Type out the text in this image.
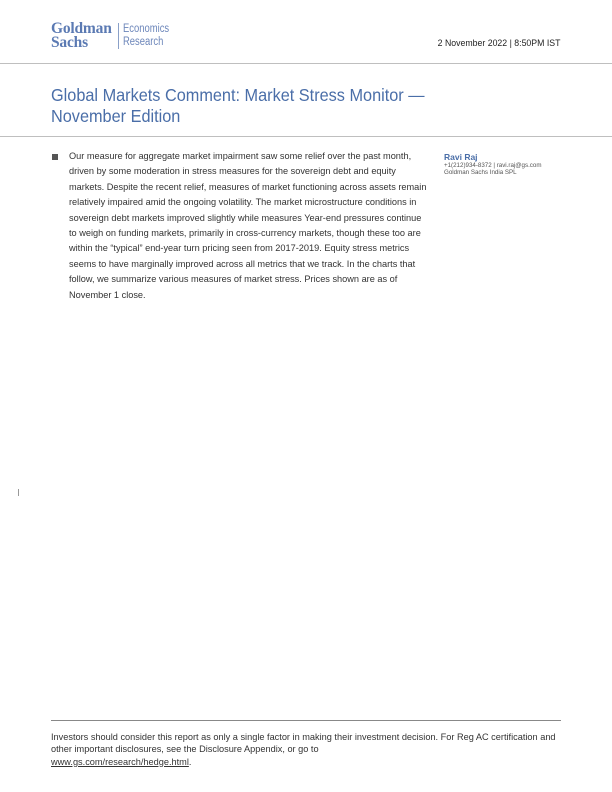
Goldman
Sachs
Economics
Research	2 November 2022 | 8:50PM IST
Global Markets Comment: Market Stress Monitor — November Edition

Our measure for aggregate market impairment saw some relief over the past month, driven by some moderation in stress measures for the sovereign debt and equity markets. Despite the recent relief, measures of market functioning across assets remain relatively impaired amid the ongoing volatility. The market microstructure conditions in sovereign debt markets improved slightly while measures Year-end pressures continue to weigh on funding markets, primarily in cross-currency markets, though these too are within the “typical” end-year turn pricing seen from 2017-2019. Equity stress metrics seems to have marginally improved across all metrics that we track. In the charts that follow, we summarize various measures of market stress. Prices shown are as of November 1 close.

Ravi Raj
+1(212)934-8372 | ravi.raj@gs.com
Goldman Sachs India SPL
Investors should consider this report as only a single factor in making their investment decision. For Reg AC certification and other important disclosures, see the Disclosure Appendix, or go to
www.gs.com/research/hedge.html.
